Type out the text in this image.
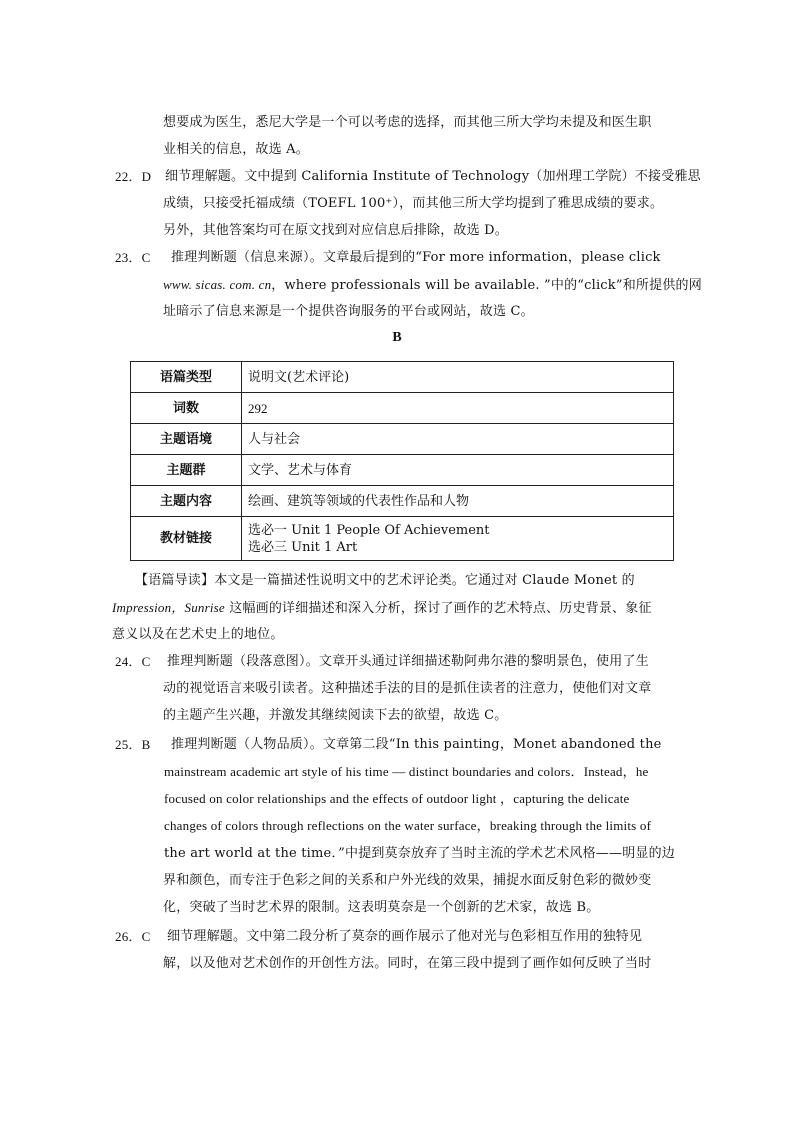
想要成为医生，悉尼大学是一个可以考虑的选择，而其他三所大学均未提及和医生职
业相关的信息，故选 A。
22．D 细节理解题。文中提到 California Institute of Technology（加州理工学院）不接受雅思
成绩，只接受托福成绩（TOEFL 100⁺），而其他三所大学均提到了雅思成绩的要求。
另外，其他答案均可在原文找到对应信息后排除，故选 D。
23．C 推理判断题（信息来源）。文章最后提到的“For more information，please click
www. sicas. com. cn，where professionals will be available. ”中的“click”和所提供的网
址暗示了信息来源是一个提供咨询服务的平台或网站，故选 C。
B
语篇类型	说明文(艺术评论)
词数	292
主题语境	人与社会
主题群	文学、艺术与体育
主题内容	绘画、建筑等领域的代表性作品和人物
教材链接	选必一 Unit 1 People Of Achievement
选必三 Unit 1 Art
【语篇导读】本文是一篇描述性说明文中的艺术评论类。它通过对 Claude Monet 的
Impression，Sunrise 这幅画的详细描述和深入分析，探讨了画作的艺术特点、历史背景、象征
意义以及在艺术史上的地位。
24．C 推理判断题（段落意图）。文章开头通过详细描述勒阿弗尔港的黎明景色，使用了生
动的视觉语言来吸引读者。这种描述手法的目的是抓住读者的注意力，使他们对文章
的主题产生兴趣，并激发其继续阅读下去的欲望，故选 C。
25．B 推理判断题（人物品质）。文章第二段“In this painting，Monet abandoned the
mainstream academic art style of his time — distinct boundaries and colors．Instead，he
focused on color relationships and the effects of outdoor light ，capturing the delicate
changes of colors through reflections on the water surface，breaking through the limits of
the art world at the time．”中提到莫奈放弃了当时主流的学术艺术风格——明显的边
界和颜色，而专注于色彩之间的关系和户外光线的效果，捕捉水面反射色彩的微妙变
化，突破了当时艺术界的限制。这表明莫奈是一个创新的艺术家，故选 B。
26．C 细节理解题。文中第二段分析了莫奈的画作展示了他对光与色彩相互作用的独特见
解，以及他对艺术创作的开创性方法。同时，在第三段中提到了画作如何反映了当时
